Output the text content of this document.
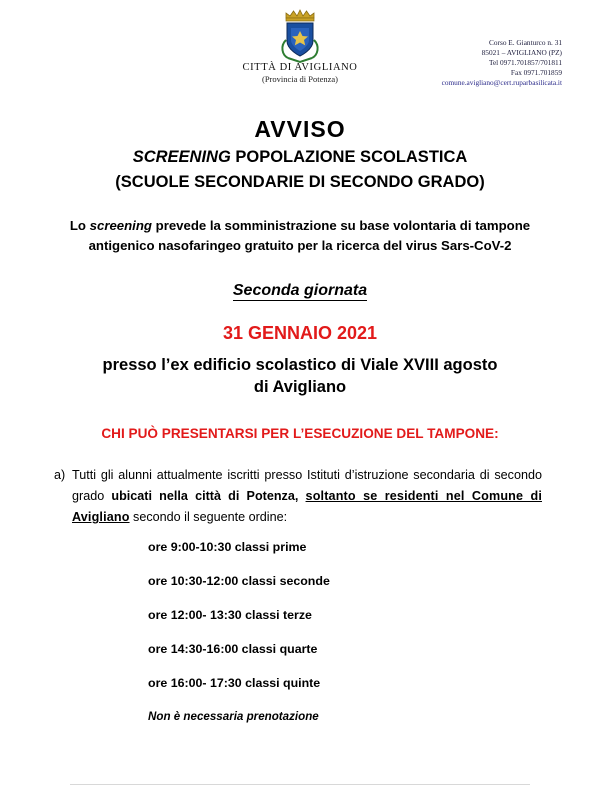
CITTÀ DI AVIGLIANO
(Provincia di Potenza)
Corso E. Gianturco n. 31
85021 – AVIGLIANO (PZ)
Tel 0971.701857/701811
Fax 0971.701859
comune.avigliano@cert.ruparbasilicata.it
AVVISO
SCREENING POPOLAZIONE SCOLASTICA
(SCUOLE SECONDARIE DI SECONDO GRADO)
Lo screening prevede la somministrazione su base volontaria di tampone antigenico nasofaringeo gratuito per la ricerca del virus Sars-CoV-2
Seconda giornata
31 GENNAIO 2021
presso l’ex edificio scolastico di Viale XVIII agosto
di Avigliano
CHI PUÒ PRESENTARSI PER L’ESECUZIONE DEL TAMPONE:
a) Tutti gli alunni attualmente iscritti presso Istituti d’istruzione secondaria di secondo grado ubicati nella città di Potenza, soltanto se residenti nel Comune di Avigliano secondo il seguente ordine:
ore 9:00-10:30 classi prime
ore 10:30-12:00 classi seconde
ore 12:00- 13:30 classi terze
ore 14:30-16:00 classi quarte
ore 16:00- 17:30 classi quinte
Non è necessaria prenotazione
